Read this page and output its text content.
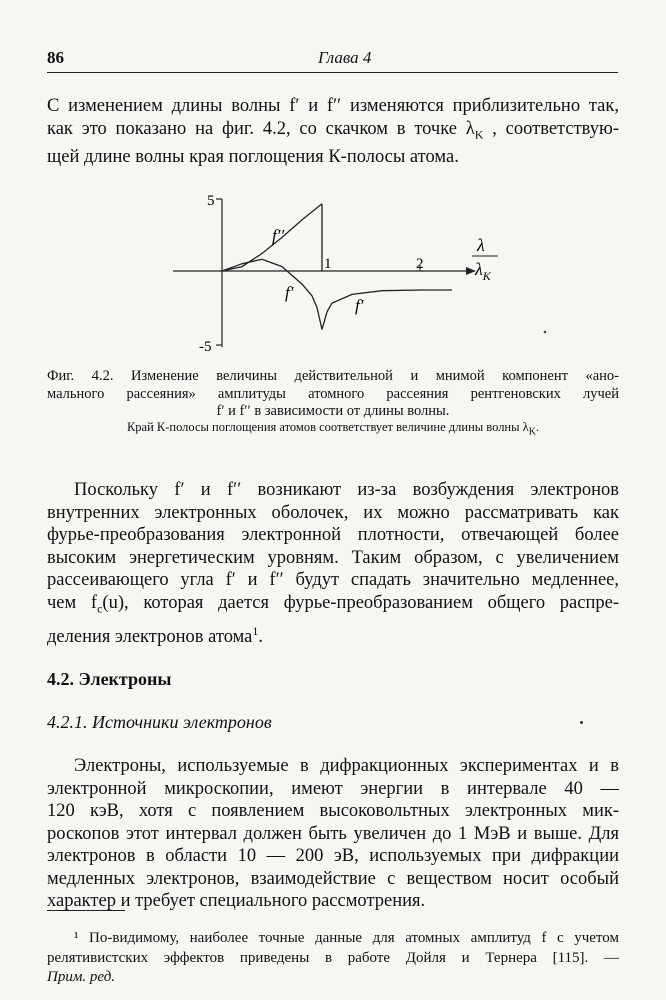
86	Глава 4
С изменением длины волны f′ и f′′ изменяются приблизительно так,
как это показано на фиг. 4.2, со скачком в точке $\lambda_K$ , соответствую-
щей длине волны края поглощения К-полосы атома.
5
-5
1	2
λ
$\lambda_K$
f′′
f′
f′
Фиг. 4.2. Изменение величины действительной и мнимой компонент «ано-
мального рассеяния» амплитуды атомного рассеяния рентгеновских лучей
f′ и f′′ в зависимости от длины волны.
Край К-полосы поглощения атомов соответствует величине длины волны $\lambda_K$.
Поскольку f′ и f′′ возникают из-за возбуждения электронов
внутренних электронных оболочек, их можно рассматривать как
фурье-преобразования электронной плотности, отвечающей более
высоким энергетическим уровням. Таким образом, с увеличением
рассеивающего угла f′ и f′′ будут спадать значительно медленнее,
чем $f_c(u)$, которая дается фурье-преобразованием общего распре-
деления электронов атома$^1$.
4.2. Электроны
4.2.1. Источники электронов
Электроны, используемые в дифракционных экспериментах и в
электронной микроскопии, имеют энергии в интервале 40 —
120 кэВ, хотя с появлением высоковольтных электронных мик-
роскопов этот интервал должен быть увеличен до 1 МэВ и выше. Для
электронов в области 10 — 200 эВ, используемых при дифракции
медленных электронов, взаимодействие с веществом носит особый
характер и требует специального рассмотрения.
¹ По-видимому, наиболее точные данные для атомных амплитуд f с учетом
релятивистских эффектов приведены в работе Дойля и Тернера [115]. —
Прим. ред.
